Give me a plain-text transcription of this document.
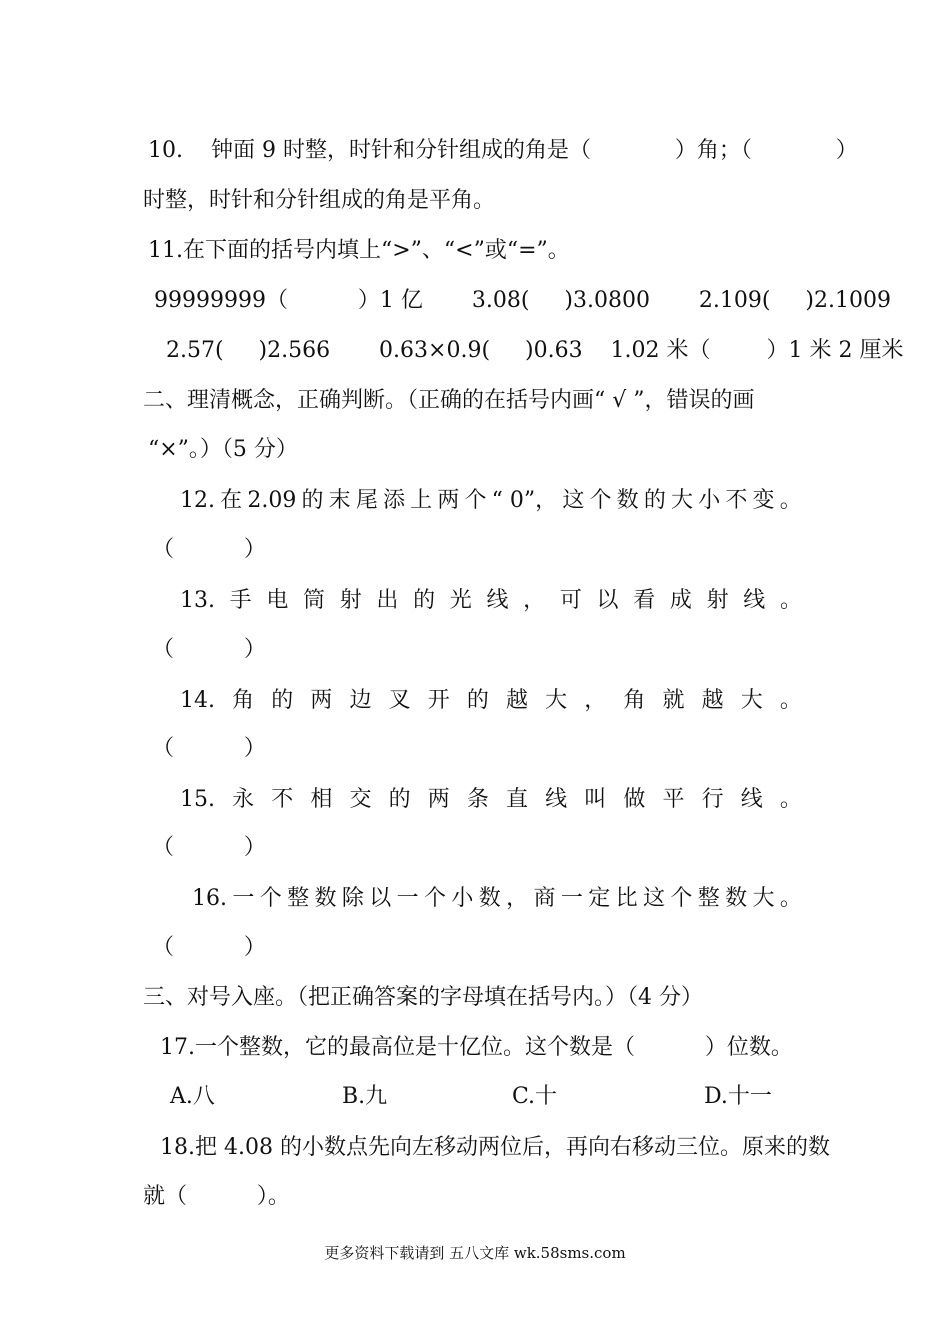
10.    钟面 9 时整，时针和分针组成的角是（            ）角；（            ）
时整，时针和分针组成的角是平角。
11.在下面的括号内填上“>”、“<”或“=”。
99999999（          ）1 亿       3.08(     )3.0800       2.109(     )2.1009
2.57(     )2.566       0.63×0.9(     )0.63    1.02 米（        ）1 米 2 厘米
二、理清概念，正确判断。（正确的在括号内画“ √ ”，错误的画
“×”。）（5 分）
12. 在 2.09 的 末 尾 添 上 两 个 “ 0”， 这 个 数 的 大 小 不 变 。
（          ）
13. 手 电 筒 射 出 的 光 线 ， 可 以 看 成 射 线 。
（          ）
14. 角 的 两 边 叉 开 的 越 大 ， 角 就 越 大 。
（          ）
15. 永 不 相 交 的 两 条 直 线 叫 做 平 行 线 。
（          ）
16. 一 个 整 数 除 以 一 个 小 数 ， 商 一 定 比 这 个 整 数 大 。
（          ）
三、对号入座。（把正确答案的字母填在括号内。）（4 分）
17.一个整数，它的最高位是十亿位。这个数是（          ）位数。
A.八	B.九	C.十	D.十一
18.把 4.08 的小数点先向左移动两位后，再向右移动三位。原来的数
就（          ）。
更多资料下载请到 五八文库 wk.58sms.com
